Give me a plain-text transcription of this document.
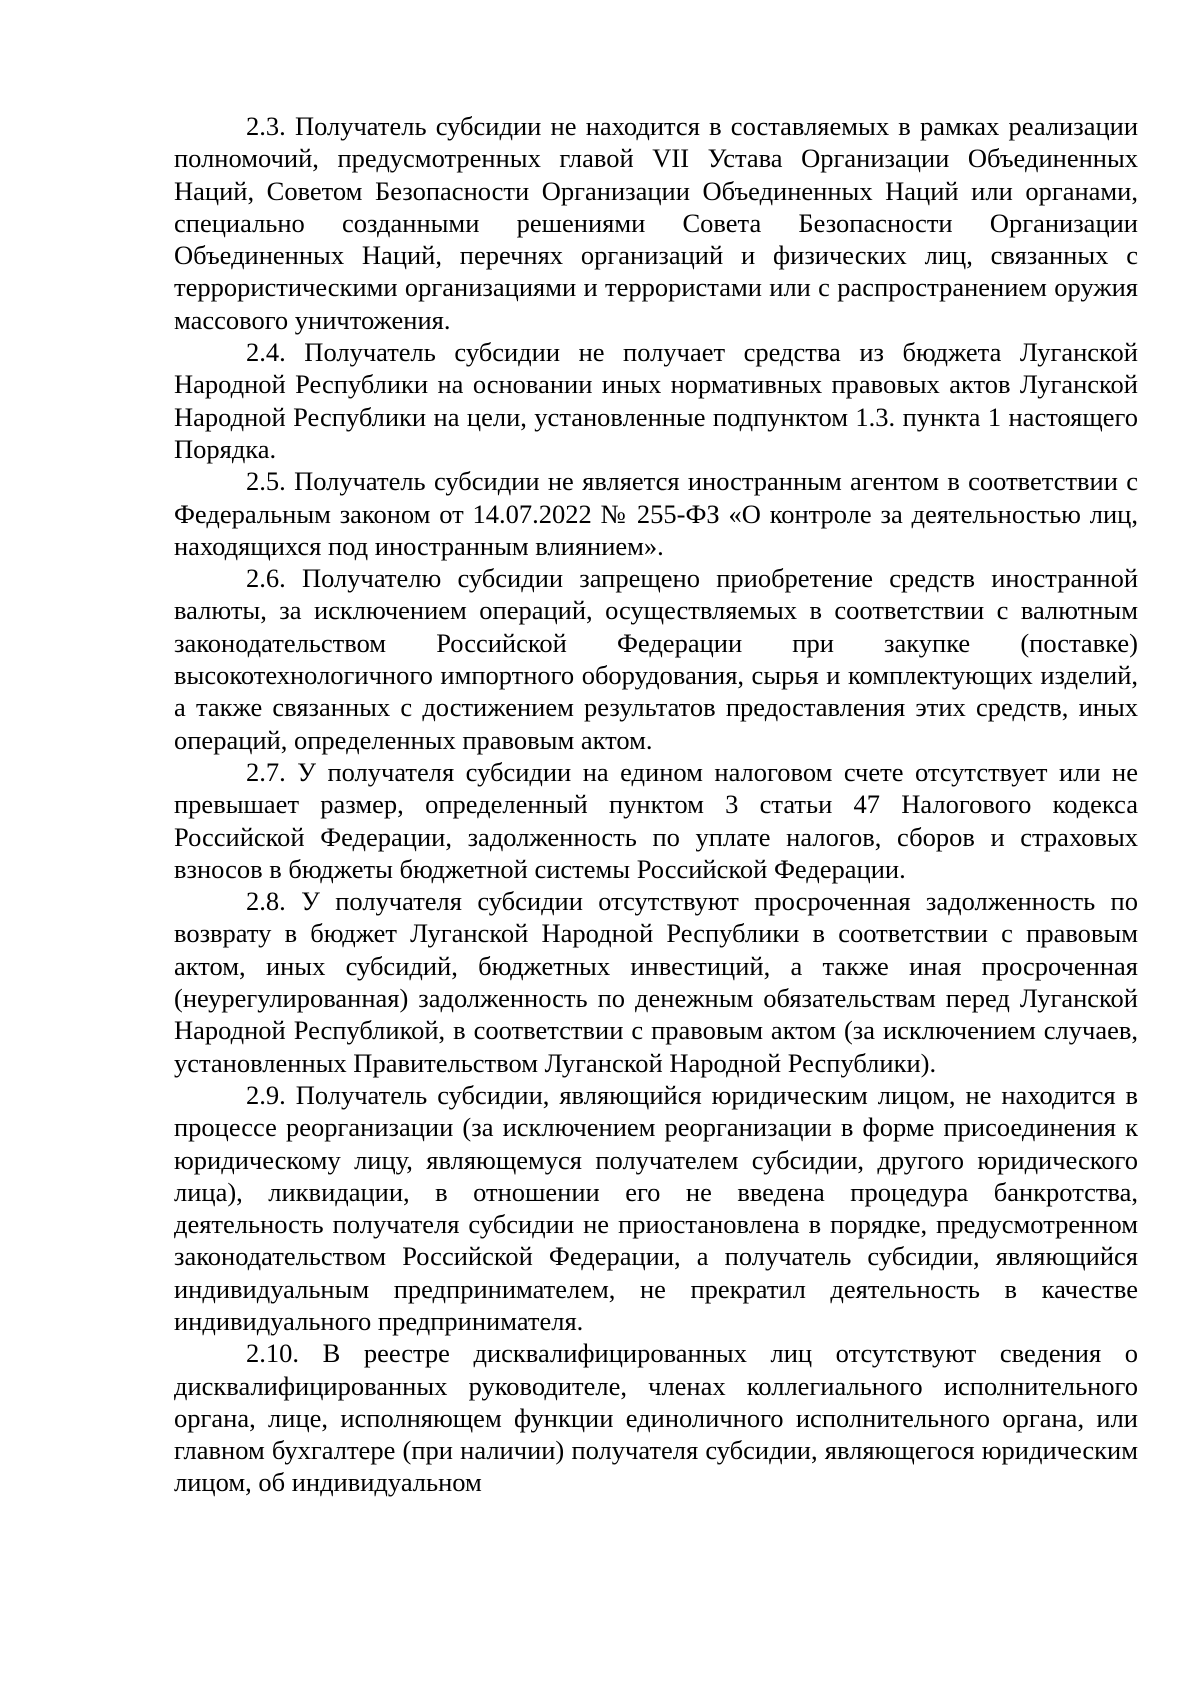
2.3. Получатель субсидии не находится в составляемых в рамках реализации полномочий, предусмотренных главой VII Устава Организации Объединенных Наций, Советом Безопасности Организации Объединенных Наций или органами, специально созданными решениями Совета Безопасности Организации Объединенных Наций, перечнях организаций и физических лиц, связанных с террористическими организациями и террористами или с распространением оружия массового уничтожения.

2.4. Получатель субсидии не получает средства из бюджета Луганской Народной Республики на основании иных нормативных правовых актов Луганской Народной Республики на цели, установленные подпунктом 1.3. пункта 1 настоящего Порядка.

2.5. Получатель субсидии не является иностранным агентом в соответствии с Федеральным законом от 14.07.2022 № 255-ФЗ «О контроле за деятельностью лиц, находящихся под иностранным влиянием».

2.6. Получателю субсидии запрещено приобретение средств иностранной валюты, за исключением операций, осуществляемых в соответствии с валютным законодательством Российской Федерации при закупке (поставке) высокотехнологичного импортного оборудования, сырья и комплектующих изделий, а также связанных с достижением результатов предоставления этих средств, иных операций, определенных правовым актом.

2.7. У получателя субсидии на едином налоговом счете отсутствует или не превышает размер, определенный пунктом 3 статьи 47 Налогового кодекса Российской Федерации, задолженность по уплате налогов, сборов и страховых взносов в бюджеты бюджетной системы Российской Федерации.

2.8. У получателя субсидии отсутствуют просроченная задолженность по возврату в бюджет Луганской Народной Республики в соответствии с правовым актом, иных субсидий, бюджетных инвестиций, а также иная просроченная (неурегулированная) задолженность по денежным обязательствам перед Луганской Народной Республикой, в соответствии с правовым актом (за исключением случаев, установленных Правительством Луганской Народной Республики).

2.9. Получатель субсидии, являющийся юридическим лицом, не находится в процессе реорганизации (за исключением реорганизации в форме присоединения к юридическому лицу, являющемуся получателем субсидии, другого юридического лица), ликвидации, в отношении его не введена процедура банкротства, деятельность получателя субсидии не приостановлена в порядке, предусмотренном законодательством Российской Федерации, а получатель субсидии, являющийся индивидуальным предпринимателем, не прекратил деятельность в качестве индивидуального предпринимателя.

2.10. В реестре дисквалифицированных лиц отсутствуют сведения о дисквалифицированных руководителе, членах коллегиального исполнительного органа, лице, исполняющем функции единоличного исполнительного органа, или главном бухгалтере (при наличии) получателя субсидии, являющегося юридическим лицом, об индивидуальном
